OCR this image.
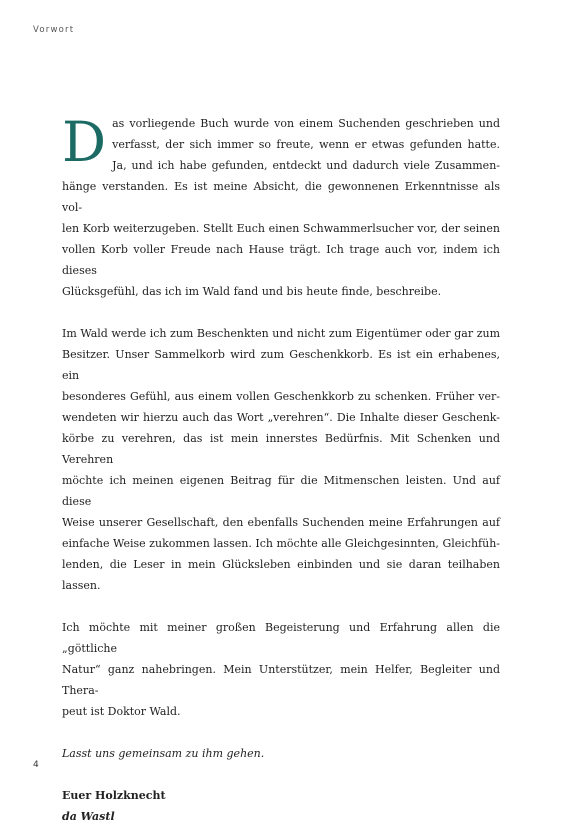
Vorwort

D as vorliegende Buch wurde von einem Suchenden geschrieben und
verfasst, der sich immer so freute, wenn er etwas gefunden hatte.
Ja, und ich habe gefunden, entdeckt und dadurch viele Zusammen-
hänge verstanden. Es ist meine Absicht, die gewonnenen Erkenntnisse als vol-
len Korb weiterzugeben. Stellt Euch einen Schwammerlsucher vor, der seinen
vollen Korb voller Freude nach Hause trägt. Ich trage auch vor, indem ich dieses
Glücksgefühl, das ich im Wald fand und bis heute finde, beschreibe.

Im Wald werde ich zum Beschenkten und nicht zum Eigentümer oder gar zum
Besitzer. Unser Sammelkorb wird zum Geschenkkorb. Es ist ein erhabenes, ein
besonderes Gefühl, aus einem vollen Geschenkkorb zu schenken. Früher ver-
wendeten wir hierzu auch das Wort „verehren“. Die Inhalte dieser Geschenk-
körbe zu verehren, das ist mein innerstes Bedürfnis. Mit Schenken und Verehren
möchte ich meinen eigenen Beitrag für die Mitmenschen leisten. Und auf diese
Weise unserer Gesellschaft, den ebenfalls Suchenden meine Erfahrungen auf
einfache Weise zukommen lassen. Ich möchte alle Gleichgesinnten, Gleichfüh-
lenden, die Leser in mein Glücksleben einbinden und sie daran teilhaben lassen.

Ich möchte mit meiner großen Begeisterung und Erfahrung allen die „göttliche
Natur“ ganz nahebringen. Mein Unterstützer, mein Helfer, Begleiter und Thera-
peut ist Doktor Wald.

Lasst uns gemeinsam zu ihm gehen.

Euer Holzknecht
da Wastl
4
